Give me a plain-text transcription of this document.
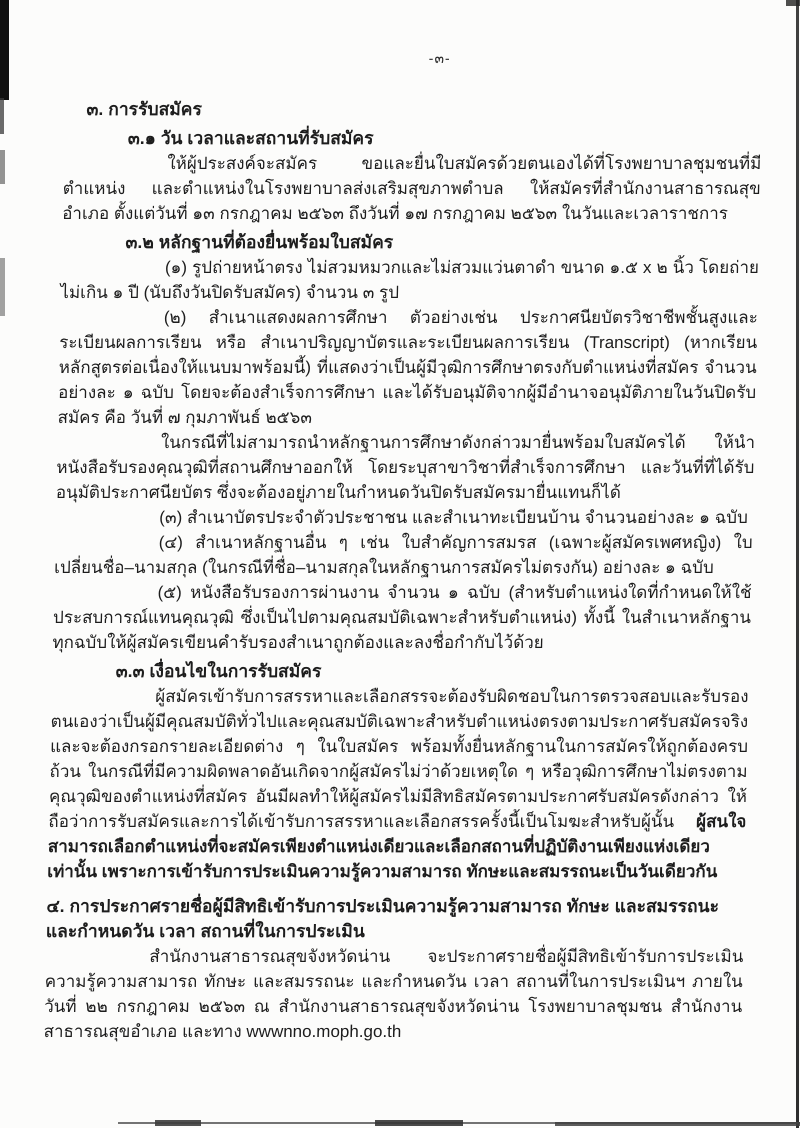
-๓-
๓. การรับสมัคร
๓.๑ วัน เวลาและสถานที่รับสมัคร

ให้ผู้ประสงค์จะสมัคร ขอและยื่นใบสมัครด้วยตนเองได้ที่โรงพยาบาลชุมชนที่มีตำแหน่ง และตำแหน่งในโรงพยาบาลส่งเสริมสุขภาพตำบล ให้สมัครที่สำนักงานสาธารณสุขอำเภอ ตั้งแต่วันที่ ๑๓ กรกฎาคม ๒๕๖๓ ถึงวันที่ ๑๗ กรกฎาคม ๒๕๖๓ ในวันและเวลาราชการ

๓.๒ หลักฐานที่ต้องยื่นพร้อมใบสมัคร

(๑) รูปถ่ายหน้าตรง ไม่สวมหมวกและไม่สวมแว่นตาดำ ขนาด ๑.๕ x ๒ นิ้ว โดยถ่ายไม่เกิน ๑ ปี (นับถึงวันปิดรับสมัคร) จำนวน ๓ รูป

(๒) สำเนาแสดงผลการศึกษา ตัวอย่างเช่น ประกาศนียบัตรวิชาชีพชั้นสูงและระเบียนผลการเรียน หรือ สำเนาปริญญาบัตรและระเบียนผลการเรียน (Transcript) (หากเรียนหลักสูตรต่อเนื่องให้แนบมาพร้อมนี้) ที่แสดงว่าเป็นผู้มีวุฒิการศึกษาตรงกับตำแหน่งที่สมัคร จำนวนอย่างละ ๑ ฉบับ โดยจะต้องสำเร็จการศึกษา และได้รับอนุมัติจากผู้มีอำนาจอนุมัติภายในวันปิดรับสมัคร คือ วันที่ ๗ กุมภาพันธ์ ๒๕๖๓

ในกรณีที่ไม่สามารถนำหลักฐานการศึกษาดังกล่าวมายื่นพร้อมใบสมัครได้ ให้นำหนังสือรับรองคุณวุฒิที่สถานศึกษาออกให้ โดยระบุสาขาวิชาที่สำเร็จการศึกษา และวันที่ที่ได้รับอนุมัติประกาศนียบัตร ซึ่งจะต้องอยู่ภายในกำหนดวันปิดรับสมัครมายื่นแทนก็ได้

(๓) สำเนาบัตรประจำตัวประชาชน และสำเนาทะเบียนบ้าน จำนวนอย่างละ ๑ ฉบับ

(๔) สำเนาหลักฐานอื่น ๆ เช่น ใบสำคัญการสมรส (เฉพาะผู้สมัครเพศหญิง) ใบเปลี่ยนชื่อ–นามสกุล (ในกรณีที่ชื่อ–นามสกุลในหลักฐานการสมัครไม่ตรงกัน) อย่างละ ๑ ฉบับ

(๕) หนังสือรับรองการผ่านงาน จำนวน ๑ ฉบับ (สำหรับตำแหน่งใดที่กำหนดให้ใช้ประสบการณ์แทนคุณวุฒิ ซึ่งเป็นไปตามคุณสมบัติเฉพาะสำหรับตำแหน่ง) ทั้งนี้ ในสำเนาหลักฐานทุกฉบับให้ผู้สมัครเขียนคำรับรองสำเนาถูกต้องและลงชื่อกำกับไว้ด้วย

๓.๓ เงื่อนไขในการรับสมัคร

ผู้สมัครเข้ารับการสรรหาและเลือกสรรจะต้องรับผิดชอบในการตรวจสอบและรับรองตนเองว่าเป็นผู้มีคุณสมบัติทั่วไปและคุณสมบัติเฉพาะสำหรับตำแหน่งตรงตามประกาศรับสมัครจริง และจะต้องกรอกรายละเอียดต่าง ๆ ในใบสมัคร พร้อมทั้งยื่นหลักฐานในการสมัครให้ถูกต้องครบถ้วน ในกรณีที่มีความผิดพลาดอันเกิดจากผู้สมัครไม่ว่าด้วยเหตุใด ๆ หรือวุฒิการศึกษาไม่ตรงตามคุณวุฒิของตำแหน่งที่สมัคร อันมีผลทำให้ผู้สมัครไม่มีสิทธิสมัครตามประกาศรับสมัครดังกล่าว ให้ถือว่าการรับสมัครและการได้เข้ารับการสรรหาและเลือกสรรครั้งนี้เป็นโมฆะสำหรับผู้นั้น ผู้สนใจสามารถเลือกตำแหน่งที่จะสมัครเพียงตำแหน่งเดียวและเลือกสถานที่ปฏิบัติงานเพียงแห่งเดียวเท่านั้น เพราะการเข้ารับการประเมินความรู้ความสามารถ ทักษะและสมรรถนะเป็นวันเดียวกัน

๔. การประกาศรายชื่อผู้มีสิทธิเข้ารับการประเมินความรู้ความสามารถ ทักษะ และสมรรถนะ และกำหนดวัน เวลา สถานที่ในการประเมิน

สำนักงานสาธารณสุขจังหวัดน่าน จะประกาศรายชื่อผู้มีสิทธิเข้ารับการประเมินความรู้ความสามารถ ทักษะ และสมรรถนะ และกำหนดวัน เวลา สถานที่ในการประเมินฯ ภายในวันที่ ๒๒ กรกฎาคม ๒๕๖๓ ณ สำนักงานสาธารณสุขจังหวัดน่าน โรงพยาบาลชุมชน สำนักงานสาธารณสุขอำเภอ และทาง wwwnno.moph.go.th
